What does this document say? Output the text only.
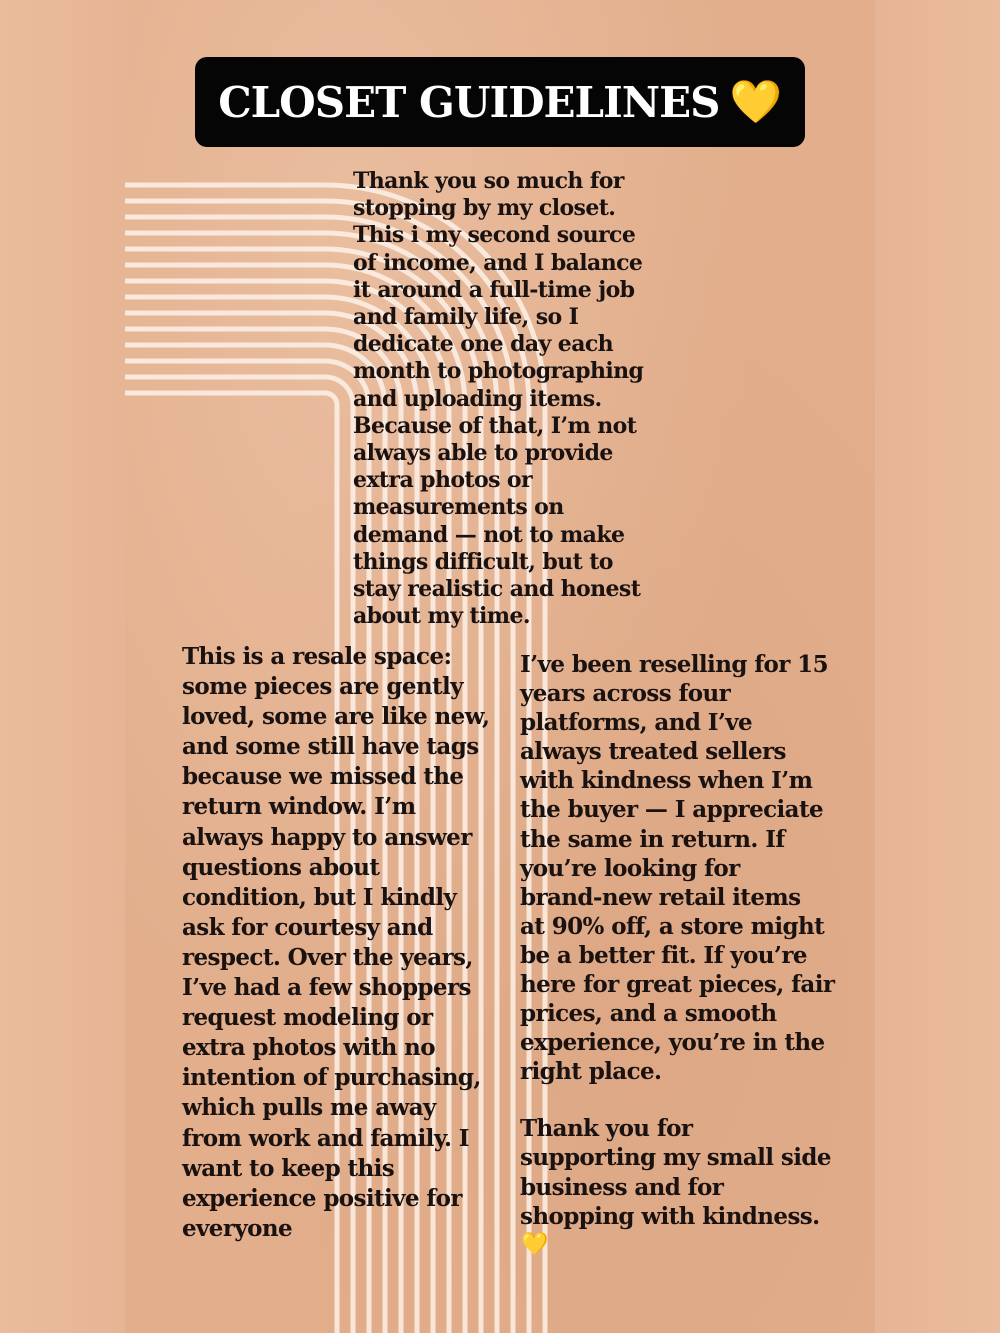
CLOSET GUIDELINES 💛

Thank you so much for
stopping by my closet.
This i my second source
of income, and I balance
it around a full-time job
and family life, so I
dedicate one day each
month to photographing
and uploading items.
Because of that, I’m not
always able to provide
extra photos or
measurements on
demand — not to make
things difficult, but to
stay realistic and honest
about my time.

This is a resale space:
some pieces are gently
loved, some are like new,
and some still have tags
because we missed the
return window. I’m
always happy to answer
questions about
condition, but I kindly
ask for courtesy and
respect. Over the years,
I’ve had a few shoppers
request modeling or
extra photos with no
intention of purchasing,
which pulls me away
from work and family. I
want to keep this
experience positive for
everyone

I’ve been reselling for 15
years across four
platforms, and I’ve
always treated sellers
with kindness when I’m
the buyer — I appreciate
the same in return. If
you’re looking for
brand-new retail items
at 90% off, a store might
be a better fit. If you’re
here for great pieces, fair
prices, and a smooth
experience, you’re in the
right place.

Thank you for
supporting my small side
business and for
shopping with kindness.

💛
